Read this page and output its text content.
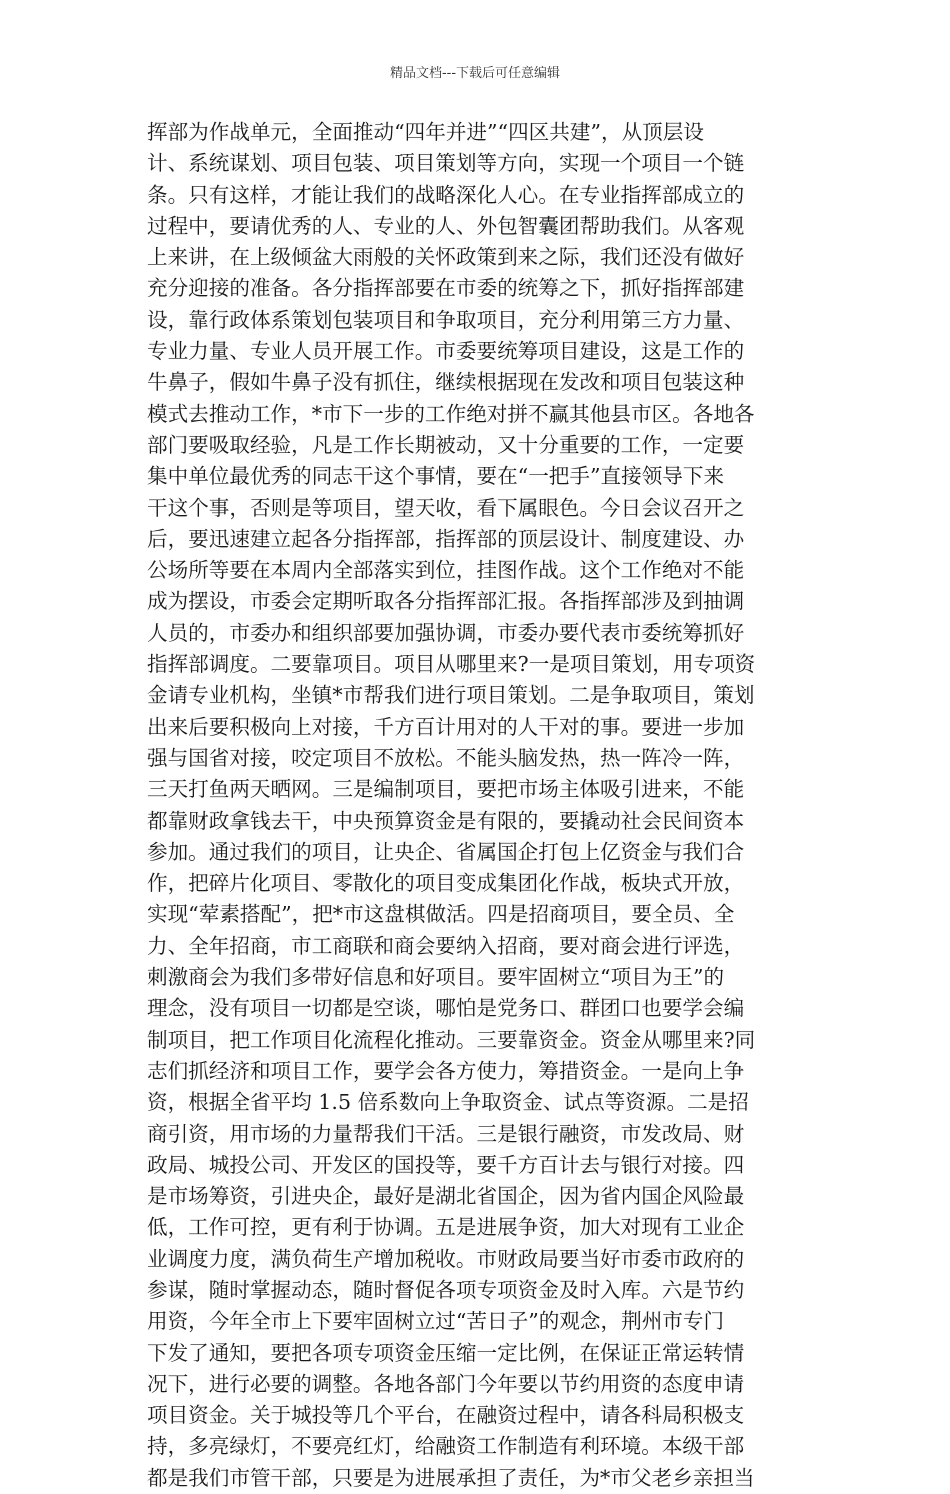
精品文档---下载后可任意编辑
挥部为作战单元，全面推动“四年并进”“四区共建”，从顶层设
计、系统谋划、项目包装、项目策划等方向，实现一个项目一个链
条。只有这样，才能让我们的战略深化人心。在专业指挥部成立的
过程中，要请优秀的人、专业的人、外包智囊团帮助我们。从客观
上来讲，在上级倾盆大雨般的关怀政策到来之际，我们还没有做好
充分迎接的准备。各分指挥部要在市委的统筹之下，抓好指挥部建
设，靠行政体系策划包装项目和争取项目，充分利用第三方力量、
专业力量、专业人员开展工作。市委要统筹项目建设，这是工作的
牛鼻子，假如牛鼻子没有抓住，继续根据现在发改和项目包装这种
模式去推动工作，*市下一步的工作绝对拼不赢其他县市区。各地各
部门要吸取经验，凡是工作长期被动，又十分重要的工作，一定要
集中单位最优秀的同志干这个事情，要在“一把手”直接领导下来
干这个事，否则是等项目，望天收，看下属眼色。今日会议召开之
后，要迅速建立起各分指挥部，指挥部的顶层设计、制度建设、办
公场所等要在本周内全部落实到位，挂图作战。这个工作绝对不能
成为摆设，市委会定期听取各分指挥部汇报。各指挥部涉及到抽调
人员的，市委办和组织部要加强协调，市委办要代表市委统筹抓好
指挥部调度。二要靠项目。项目从哪里来?一是项目策划，用专项资
金请专业机构，坐镇*市帮我们进行项目策划。二是争取项目，策划
出来后要积极向上对接，千方百计用对的人干对的事。要进一步加
强与国省对接，咬定项目不放松。不能头脑发热，热一阵冷一阵，
三天打鱼两天晒网。三是编制项目，要把市场主体吸引进来，不能
都靠财政拿钱去干，中央预算资金是有限的，要撬动社会民间资本
参加。通过我们的项目，让央企、省属国企打包上亿资金与我们合
作，把碎片化项目、零散化的项目变成集团化作战，板块式开放，
实现“荤素搭配”，把*市这盘棋做活。四是招商项目，要全员、全
力、全年招商，市工商联和商会要纳入招商，要对商会进行评选，
刺激商会为我们多带好信息和好项目。要牢固树立“项目为王”的
理念，没有项目一切都是空谈，哪怕是党务口、群团口也要学会编
制项目，把工作项目化流程化推动。三要靠资金。资金从哪里来?同
志们抓经济和项目工作，要学会各方使力，筹措资金。一是向上争
资，根据全省平均 1.5 倍系数向上争取资金、试点等资源。二是招
商引资，用市场的力量帮我们干活。三是银行融资，市发改局、财
政局、城投公司、开发区的国投等，要千方百计去与银行对接。四
是市场筹资，引进央企，最好是湖北省国企，因为省内国企风险最
低，工作可控，更有利于协调。五是进展争资，加大对现有工业企
业调度力度，满负荷生产增加税收。市财政局要当好市委市政府的
参谋，随时掌握动态，随时督促各项专项资金及时入库。六是节约
用资，今年全市上下要牢固树立过“苦日子”的观念，荆州市专门
下发了通知，要把各项专项资金压缩一定比例，在保证正常运转情
况下，进行必要的调整。各地各部门今年要以节约用资的态度申请
项目资金。关于城投等几个平台，在融资过程中，请各科局积极支
持，多亮绿灯，不要亮红灯，给融资工作制造有利环境。本级干部
都是我们市管干部，只要是为进展承担了责任，为*市父老乡亲担当
